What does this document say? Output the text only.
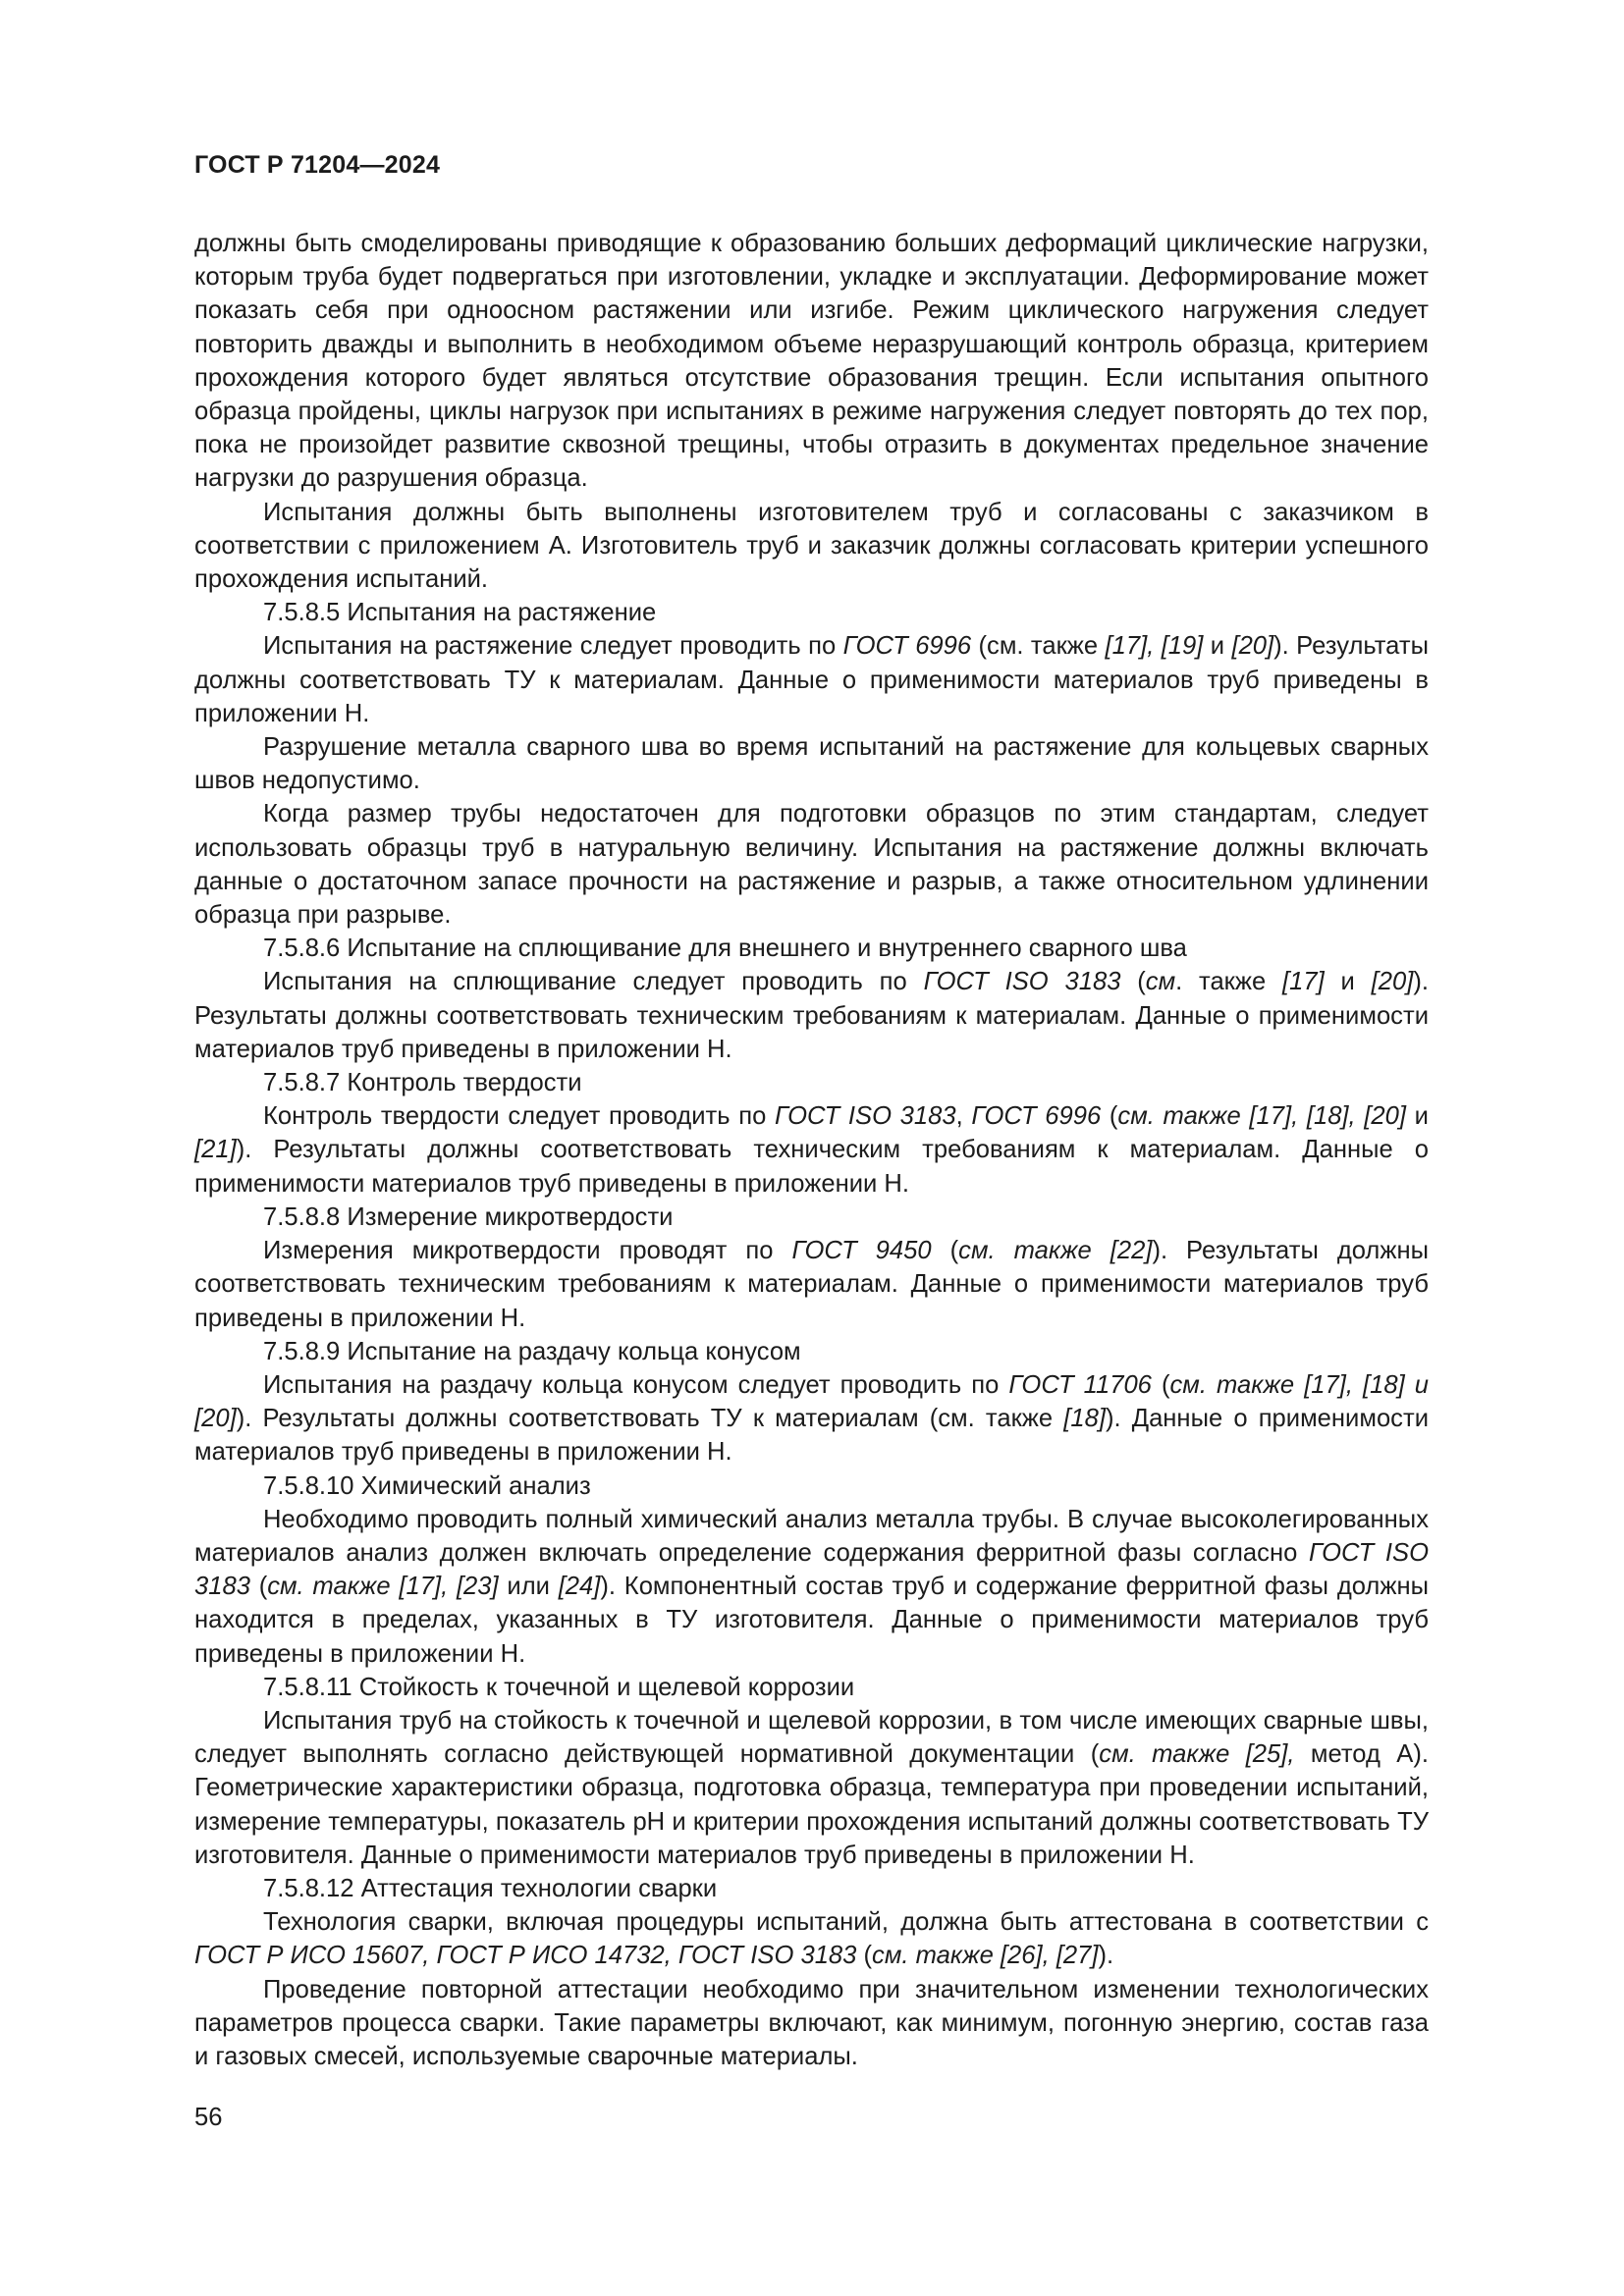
ГОСТ Р 71204—2024

должны быть смоделированы приводящие к образованию больших деформаций циклические нагрузки, которым труба будет подвергаться при изготовлении, укладке и эксплуатации. Деформирование может показать себя при одноосном растяжении или изгибе. Режим циклического нагружения следует повторить дважды и выполнить в необходимом объеме неразрушающий контроль образца, критерием прохождения которого будет являться отсутствие образования трещин. Если испытания опытного образца пройдены, циклы нагрузок при испытаниях в режиме нагружения следует повторять до тех пор, пока не произойдет развитие сквозной трещины, чтобы отразить в документах предельное значение нагрузки до разрушения образца.

Испытания должны быть выполнены изготовителем труб и согласованы с заказчиком в соответствии с приложением А. Изготовитель труб и заказчик должны согласовать критерии успешного прохождения испытаний.

7.5.8.5 Испытания на растяжение

Испытания на растяжение следует проводить по ГОСТ 6996 (см. также [17], [19] и [20]). Результаты должны соответствовать ТУ к материалам. Данные о применимости материалов труб приведены в приложении Н.

Разрушение металла сварного шва во время испытаний на растяжение для кольцевых сварных швов недопустимо.

Когда размер трубы недостаточен для подготовки образцов по этим стандартам, следует использовать образцы труб в натуральную величину. Испытания на растяжение должны включать данные о достаточном запасе прочности на растяжение и разрыв, а также относительном удлинении образца при разрыве.

7.5.8.6 Испытание на сплющивание для внешнего и внутреннего сварного шва

Испытания на сплющивание следует проводить по ГОСТ ISO 3183 (см. также [17] и [20]). Результаты должны соответствовать техническим требованиям к материалам. Данные о применимости материалов труб приведены в приложении Н.

7.5.8.7 Контроль твердости

Контроль твердости следует проводить по ГОСТ ISO 3183, ГОСТ 6996 (см. также [17], [18], [20] и [21]). Результаты должны соответствовать техническим требованиям к материалам. Данные о применимости материалов труб приведены в приложении Н.

7.5.8.8 Измерение микротвердости

Измерения микротвердости проводят по ГОСТ 9450 (см. также [22]). Результаты должны соответствовать техническим требованиям к материалам. Данные о применимости материалов труб приведены в приложении Н.

7.5.8.9 Испытание на раздачу кольца конусом

Испытания на раздачу кольца конусом следует проводить по ГОСТ 11706 (см. также [17], [18] и [20]). Результаты должны соответствовать ТУ к материалам (см. также [18]). Данные о применимости материалов труб приведены в приложении Н.

7.5.8.10 Химический анализ

Необходимо проводить полный химический анализ металла трубы. В случае высоколегированных материалов анализ должен включать определение содержания ферритной фазы согласно ГОСТ ISO 3183 (см. также [17], [23] или [24]). Компонентный состав труб и содержание ферритной фазы должны находится в пределах, указанных в ТУ изготовителя. Данные о применимости материалов труб приведены в приложении Н.

7.5.8.11 Стойкость к точечной и щелевой коррозии

Испытания труб на стойкость к точечной и щелевой коррозии, в том числе имеющих сварные швы, следует выполнять согласно действующей нормативной документации (см. также [25], метод А). Геометрические характеристики образца, подготовка образца, температура при проведении испытаний, измерение температуры, показатель pH и критерии прохождения испытаний должны соответствовать ТУ изготовителя. Данные о применимости материалов труб приведены в приложении Н.

7.5.8.12 Аттестация технологии сварки

Технология сварки, включая процедуры испытаний, должна быть аттестована в соответствии с ГОСТ Р ИСО 15607, ГОСТ Р ИСО 14732, ГОСТ ISO 3183 (см. также [26], [27]).

Проведение повторной аттестации необходимо при значительном изменении технологических параметров процесса сварки. Такие параметры включают, как минимум, погонную энергию, состав газа и газовых смесей, используемые сварочные материалы.

56
